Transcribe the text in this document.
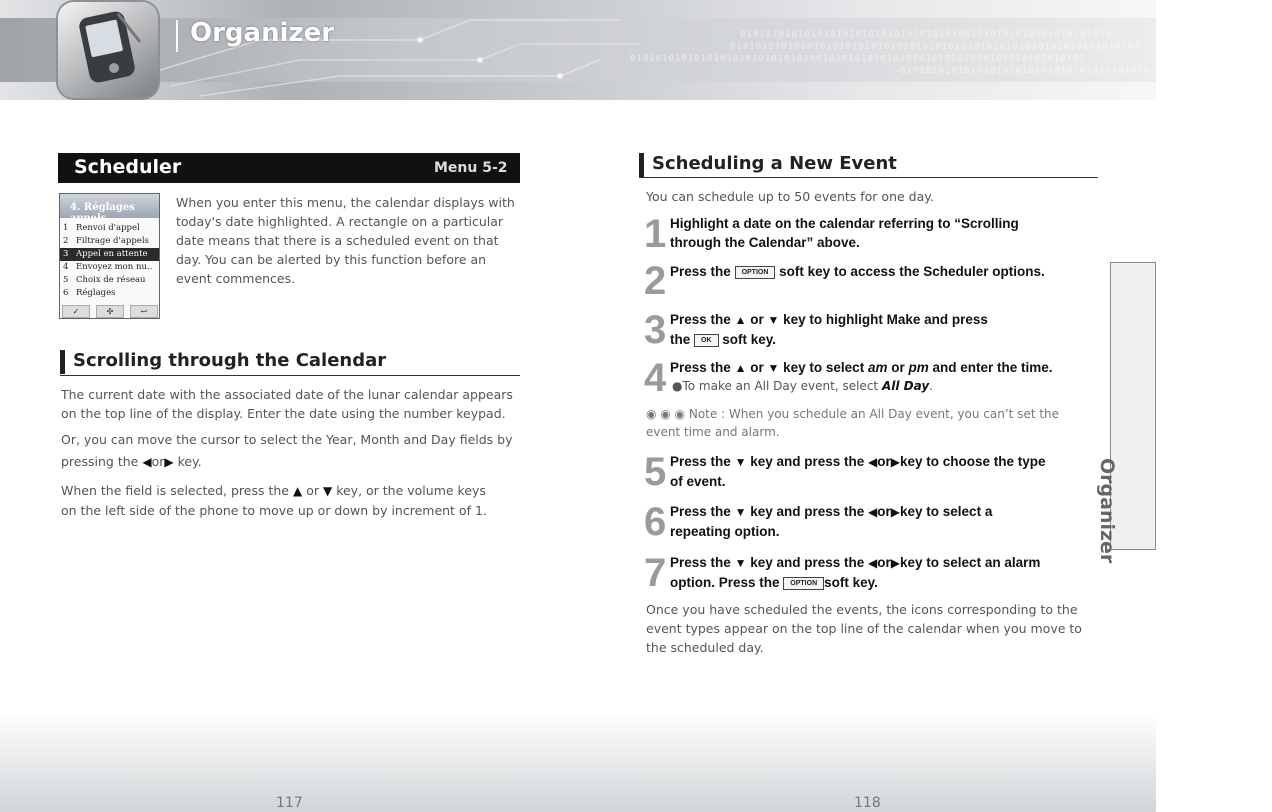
0101010101010101010101010101010101001010101010101010101010
0101010101010101010101010101010101010101010101010101010101010101
01010101010101010101010101010010101010101010101010101010101010101010101
0101010101010101010101010101010101010101010101010101010101
Organizer
117	118
Organizer
Scheduler	Menu 5-2
4. Réglages appels
1 Renvoi d'appel
2 Filtrage d'appels
3 Appel en attente
4 Envoyez mon nu..
5 Choix de réseau
6 Réglages
✓	✣	↩
When you enter this menu, the calendar displays with
today's date highlighted. A rectangle on a particular
date means that there is a scheduled event on that
day. You can be alerted by this function before an
event commences.
Scrolling through the Calendar
The current date with the associated date of the lunar calendar appears
on the top line of the display. Enter the date using the number keypad.
Or, you can move the cursor to select the Year, Month and Day fields by
pressing the ◀or▶ key.
When the field is selected, press the ▲ or ▼ key, or the volume keys
on the left side of the phone to move up or down by increment of 1.
Scheduling a New Event
You can schedule up to 50 events for one day.
1 Highlight a date on the calendar referring to “Scrolling
through the Calendar” above.
2 Press the OPTION soft key to access the Scheduler options.
3 Press the ▲ or ▼ key to highlight Make and press
the OK soft key.
4 Press the ▲ or ▼ key to select am or pm and enter the time.
●To make an All Day event, select All Day.
◉ ◉ ◉ Note : When you schedule an All Day event, you can’t set the
event time and alarm.
5 Press the ▼ key and press the ◀or▶key to choose the type
of event.
6 Press the ▼ key and press the ◀or▶key to select a
repeating option.
7 Press the ▼ key and press the ◀or▶key to select an alarm
option. Press the OPTION soft key.
Once you have scheduled the events, the icons corresponding to the
event types appear on the top line of the calendar when you move to
the scheduled day.
